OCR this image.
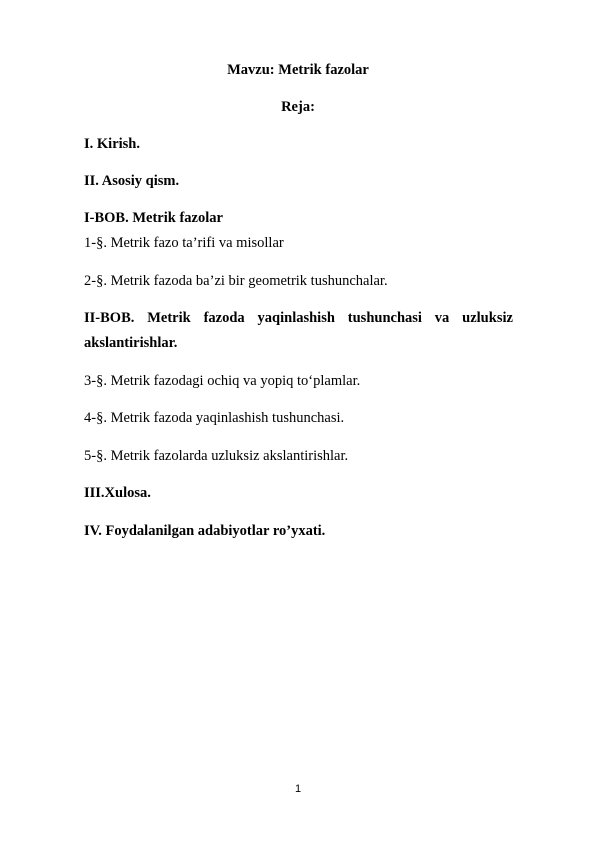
Mavzu: Metrik fazolar
Reja:
I. Kirish.
II. Asosiy qism.
I-BOB. Metrik fazolar
1-§. Metrik fazo ta’rifi va misollar
2-§. Metrik fazoda ba’zi bir geometrik tushunchalar.
II-BOB. Metrik fazoda yaqinlashish tushunchasi va uzluksiz
akslantirishlar.
3-§. Metrik fazodagi ochiq va yopiq to‘plamlar.
4-§. Metrik fazoda yaqinlashish tushunchasi.
5-§. Metrik fazolarda uzluksiz akslantirishlar.
III.Xulosa.
IV. Foydalanilgan adabiyotlar ro’yxati.
1
